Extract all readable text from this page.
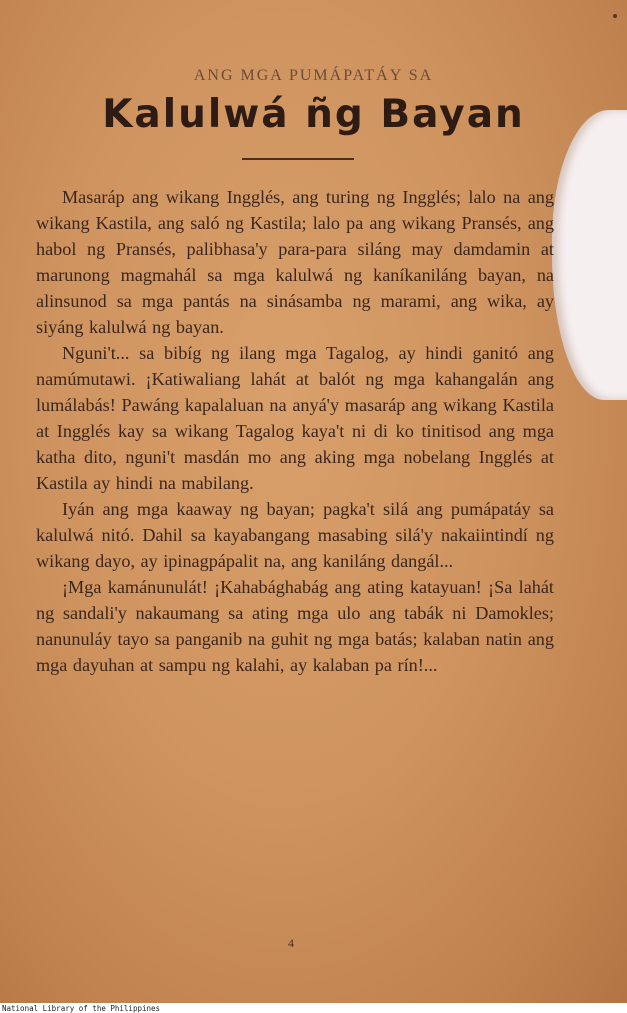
ANG MGA PUMÁPATÁY SA
Kalulwá ñg Bayan

Masaráp ang wikang Ingglés, ang turing ng Ingglés; lalo na ang wikang Kastila, ang saló ng Kastila; lalo pa ang wikang Pransés, ang habol ng Pransés, palibhasa'y para-para siláng may damdamin at marunong magmahál sa mga kalulwá ng kaníkaniláng bayan, na alinsunod sa mga pantás na sinásamba ng marami, ang wika, ay siyáng kalulwá ng bayan.

Nguni't... sa bibíg ng ilang mga Tagalog, ay hindi ganitó ang namúmutawi. ¡Katiwaliang lahát at balót ng mga kahangalán ang lumálabás! Pawáng kapalaluan na anyá'y masaráp ang wikang Kastila at Ingglés kay sa wikang Tagalog kaya't ni di ko tinitisod ang mga katha dito, nguni't masdán mo ang aking mga nobelang Ingglés at Kastila ay hindi na mabilang.

Iyán ang mga kaaway ng bayan; pagka't silá ang pumápatáy sa kalulwá nitó. Dahil sa kayabangang masabing silá'y nakaiintindí ng wikang dayo, ay ipinagpápalit na, ang kaniláng dangál...

¡Mga kamánunulát! ¡Kahabághabág ang ating katayuan! ¡Sa lahát ng sandali'y nakaumang sa ating mga ulo ang tabák ni Damokles; nanunuláy tayo sa panganib na guhit ng mga batás; kalaban natin ang mga dayuhan at sampu ng kalahi, ay kalaban pa rín!...

4
National Library of the Philippines
